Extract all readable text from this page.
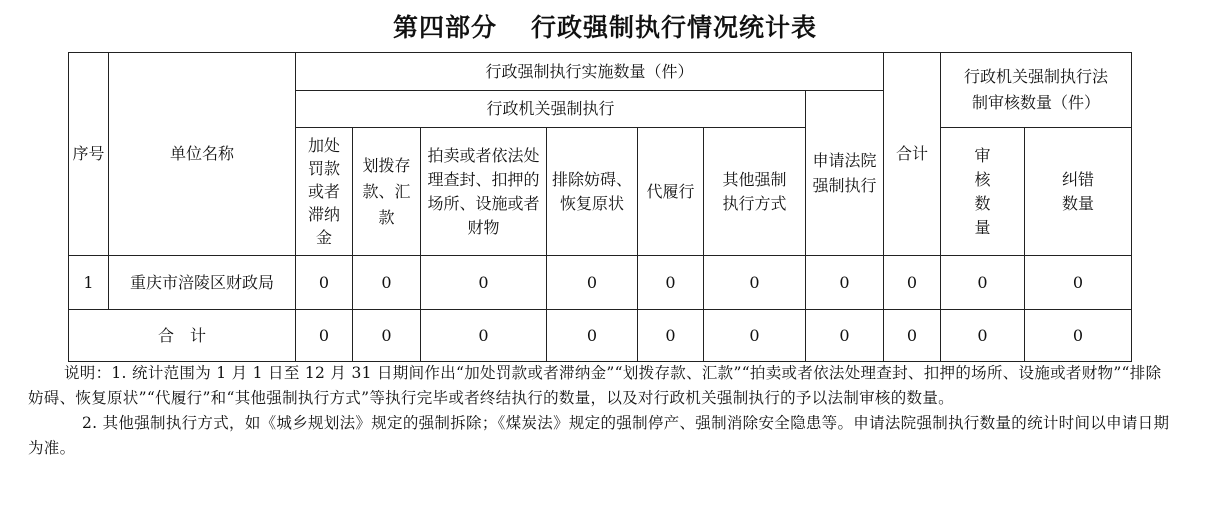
第四部分 行政强制执行情况统计表
序号	单位名称	行政强制执行实施数量（件）							合计	行政机关强制执行法制审核数量（件）	
		行政机关强制执行						申请法院强制执行			
		加处罚款或者滞纳金	划拨存款、汇款	拍卖或者依法处理查封、扣押的场所、设施或者财物	排除妨碍、恢复原状	代履行	其他强制执行方式			审核数量	纠错数量
1	重庆市涪陵区财政局	0	0	0	0	0	0	0	0	0	0
合　计		0	0	0	0	0	0	0	0	0	0

说明：1. 统计范围为 1 月 1 日至 12 月 31 日期间作出“加处罚款或者滞纳金”“划拨存款、汇款”“拍卖或者依法处理查封、扣押的场所、设施或者财物”“排除妨碍、恢复原状”“代履行”和“其他强制执行方式”等执行完毕或者终结执行的数量，以及对行政机关强制执行的予以法制审核的数量。

2. 其他强制执行方式，如《城乡规划法》规定的强制拆除；《煤炭法》规定的强制停产、强制消除安全隐患等。申请法院强制执行数量的统计时间以申请日期为准。
